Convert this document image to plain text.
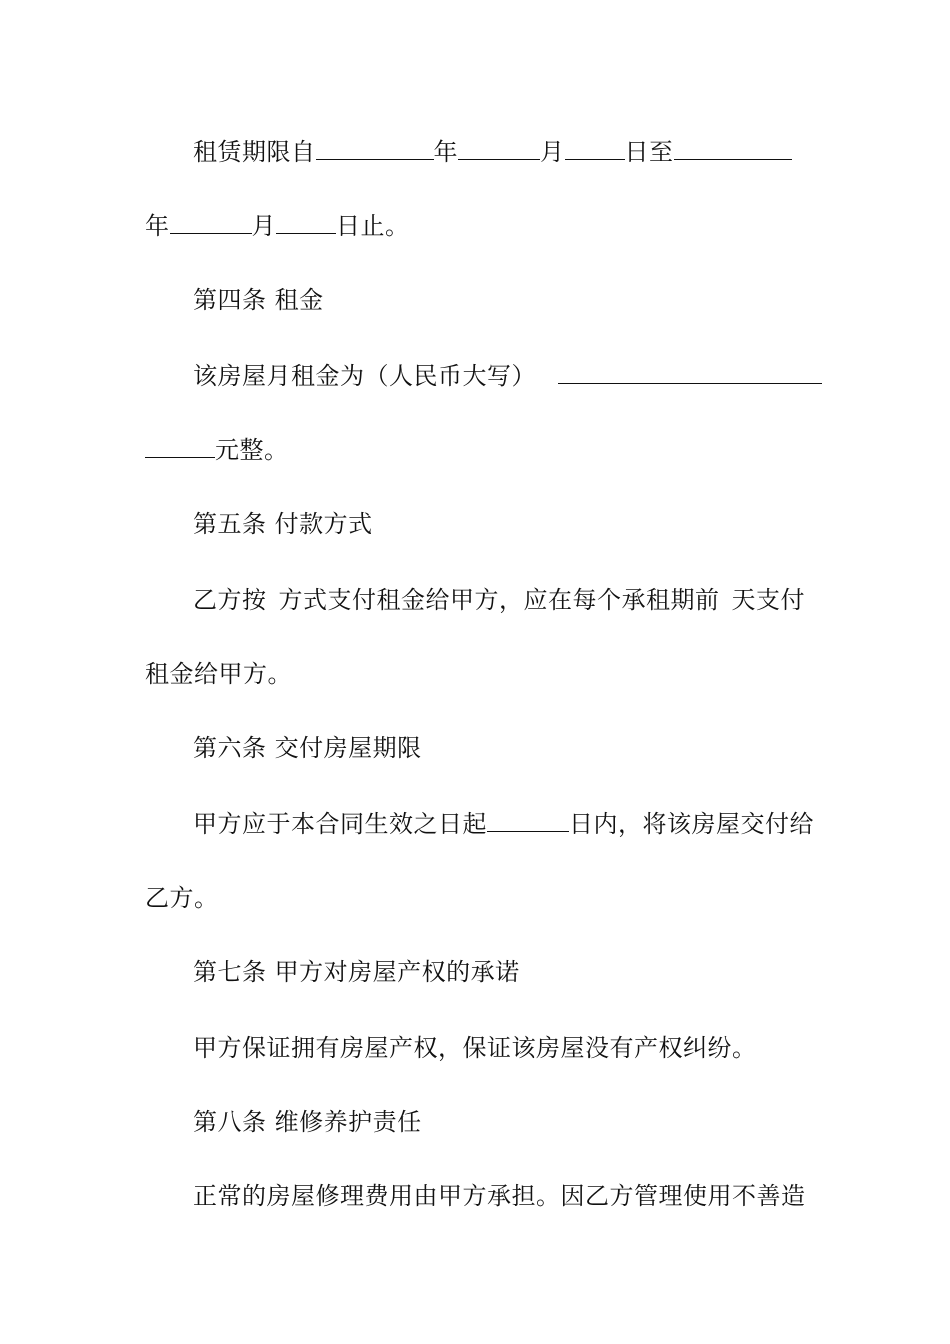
租赁期限自	年	月	日至
年	月	日止。
第四条 租金
该房屋月租金为（人民币大写）
元整。
第五条 付款方式
乙方按 方式支付租金给甲方，应在每个承租期前 天支付
租金给甲方。
第六条 交付房屋期限
甲方应于本合同生效之日起	日内，将该房屋交付给
乙方。
第七条 甲方对房屋产权的承诺
甲方保证拥有房屋产权，保证该房屋没有产权纠纷。
第八条 维修养护责任
正常的房屋修理费用由甲方承担。因乙方管理使用不善造
